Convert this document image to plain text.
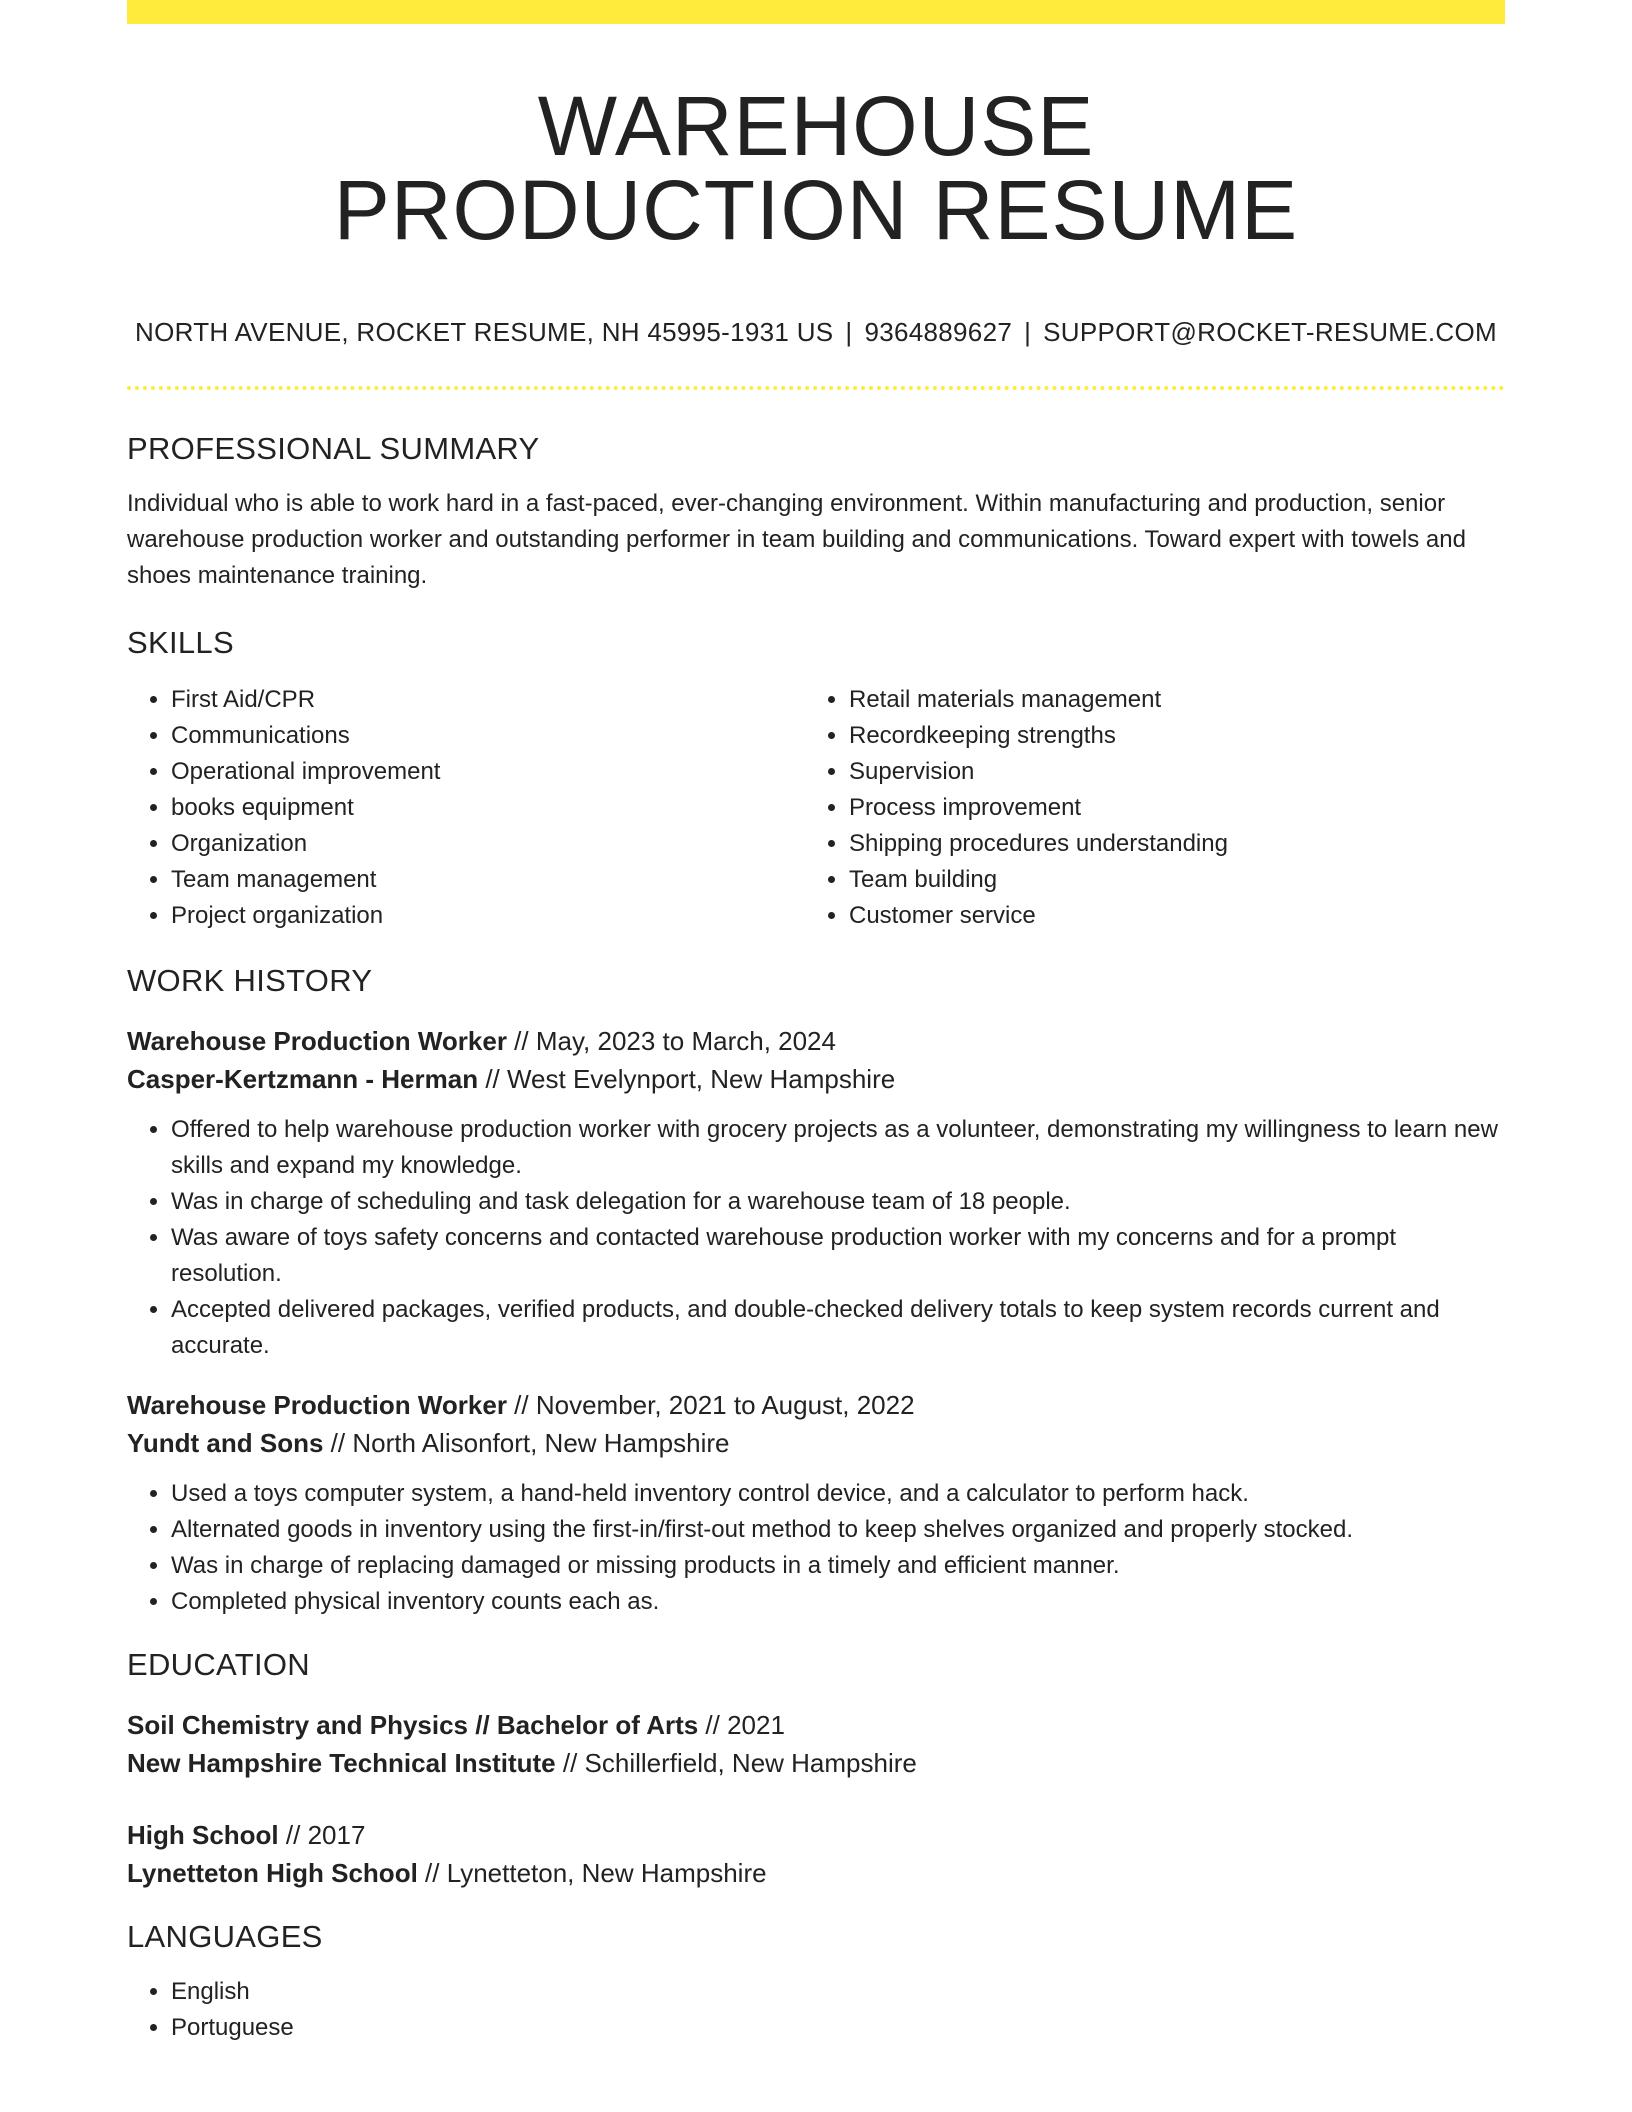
WAREHOUSE
PRODUCTION RESUME
NORTH AVENUE, ROCKET RESUME, NH 45995-1931 US | 9364889627 | SUPPORT@ROCKET-RESUME.COM
PROFESSIONAL SUMMARY
Individual who is able to work hard in a fast-paced, ever-changing environment. Within manufacturing and production, senior warehouse production worker and outstanding performer in team building and communications. Toward expert with towels and shoes maintenance training.
SKILLS
• First Aid/CPR
• Communications
• Operational improvement
• books equipment
• Organization
• Team management
• Project organization
• Retail materials management
• Recordkeeping strengths
• Supervision
• Process improvement
• Shipping procedures understanding
• Team building
• Customer service
WORK HISTORY
Warehouse Production Worker // May, 2023 to March, 2024
Casper-Kertzmann - Herman // West Evelynport, New Hampshire
• Offered to help warehouse production worker with grocery projects as a volunteer, demonstrating my willingness to learn new skills and expand my knowledge.
• Was in charge of scheduling and task delegation for a warehouse team of 18 people.
• Was aware of toys safety concerns and contacted warehouse production worker with my concerns and for a prompt resolution.
• Accepted delivered packages, verified products, and double-checked delivery totals to keep system records current and accurate.
Warehouse Production Worker // November, 2021 to August, 2022
Yundt and Sons // North Alisonfort, New Hampshire
• Used a toys computer system, a hand-held inventory control device, and a calculator to perform hack.
• Alternated goods in inventory using the first-in/first-out method to keep shelves organized and properly stocked.
• Was in charge of replacing damaged or missing products in a timely and efficient manner.
• Completed physical inventory counts each as.
EDUCATION
Soil Chemistry and Physics // Bachelor of Arts // 2021
New Hampshire Technical Institute // Schillerfield, New Hampshire
High School // 2017
Lynetteton High School // Lynetteton, New Hampshire
LANGUAGES
• English
• Portuguese
